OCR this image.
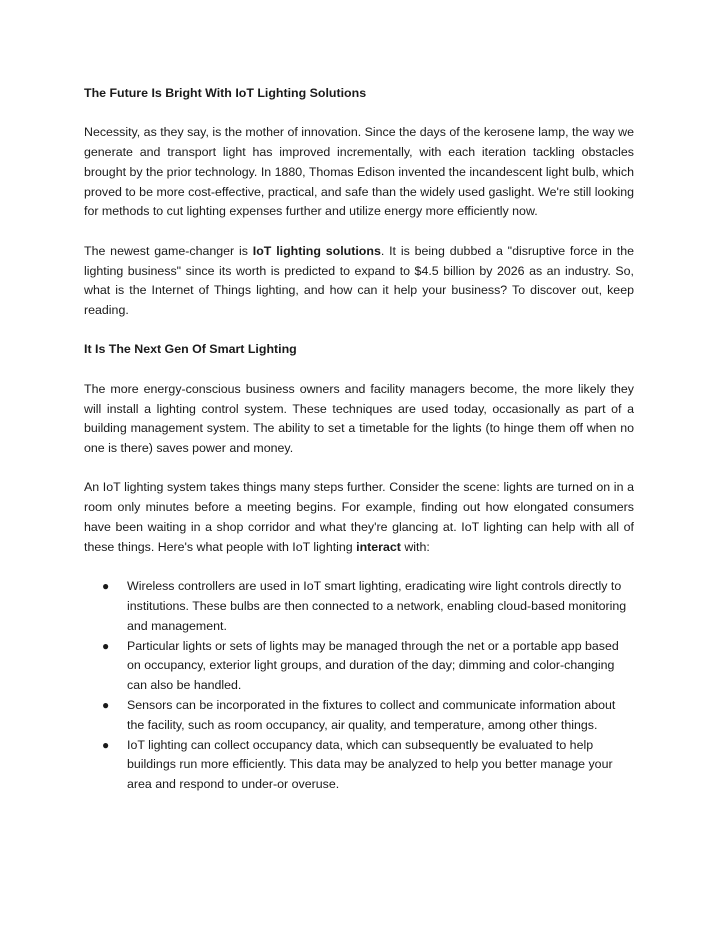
The Future Is Bright With IoT Lighting Solutions

Necessity, as they say, is the mother of innovation. Since the days of the kerosene lamp, the way we generate and transport light has improved incrementally, with each iteration tackling obstacles brought by the prior technology. In 1880, Thomas Edison invented the incandescent light bulb, which proved to be more cost-effective, practical, and safe than the widely used gaslight. We're still looking for methods to cut lighting expenses further and utilize energy more efficiently now.

The newest game-changer is IoT lighting solutions. It is being dubbed a "disruptive force in the lighting business" since its worth is predicted to expand to $4.5 billion by 2026 as an industry. So, what is the Internet of Things lighting, and how can it help your business? To discover out, keep reading.

It Is The Next Gen Of Smart Lighting

The more energy-conscious business owners and facility managers become, the more likely they will install a lighting control system. These techniques are used today, occasionally as part of a building management system. The ability to set a timetable for the lights (to hinge them off when no one is there) saves power and money.

An IoT lighting system takes things many steps further. Consider the scene: lights are turned on in a room only minutes before a meeting begins. For example, finding out how elongated consumers have been waiting in a shop corridor and what they're glancing at. IoT lighting can help with all of these things. Here's what people with IoT lighting interact with:

● Wireless controllers are used in IoT smart lighting, eradicating wire light controls directly to institutions. These bulbs are then connected to a network, enabling cloud-based monitoring and management.
● Particular lights or sets of lights may be managed through the net or a portable app based on occupancy, exterior light groups, and duration of the day; dimming and color-changing can also be handled.
● Sensors can be incorporated in the fixtures to collect and communicate information about the facility, such as room occupancy, air quality, and temperature, among other things.
● IoT lighting can collect occupancy data, which can subsequently be evaluated to help buildings run more efficiently. This data may be analyzed to help you better manage your area and respond to under-or overuse.
